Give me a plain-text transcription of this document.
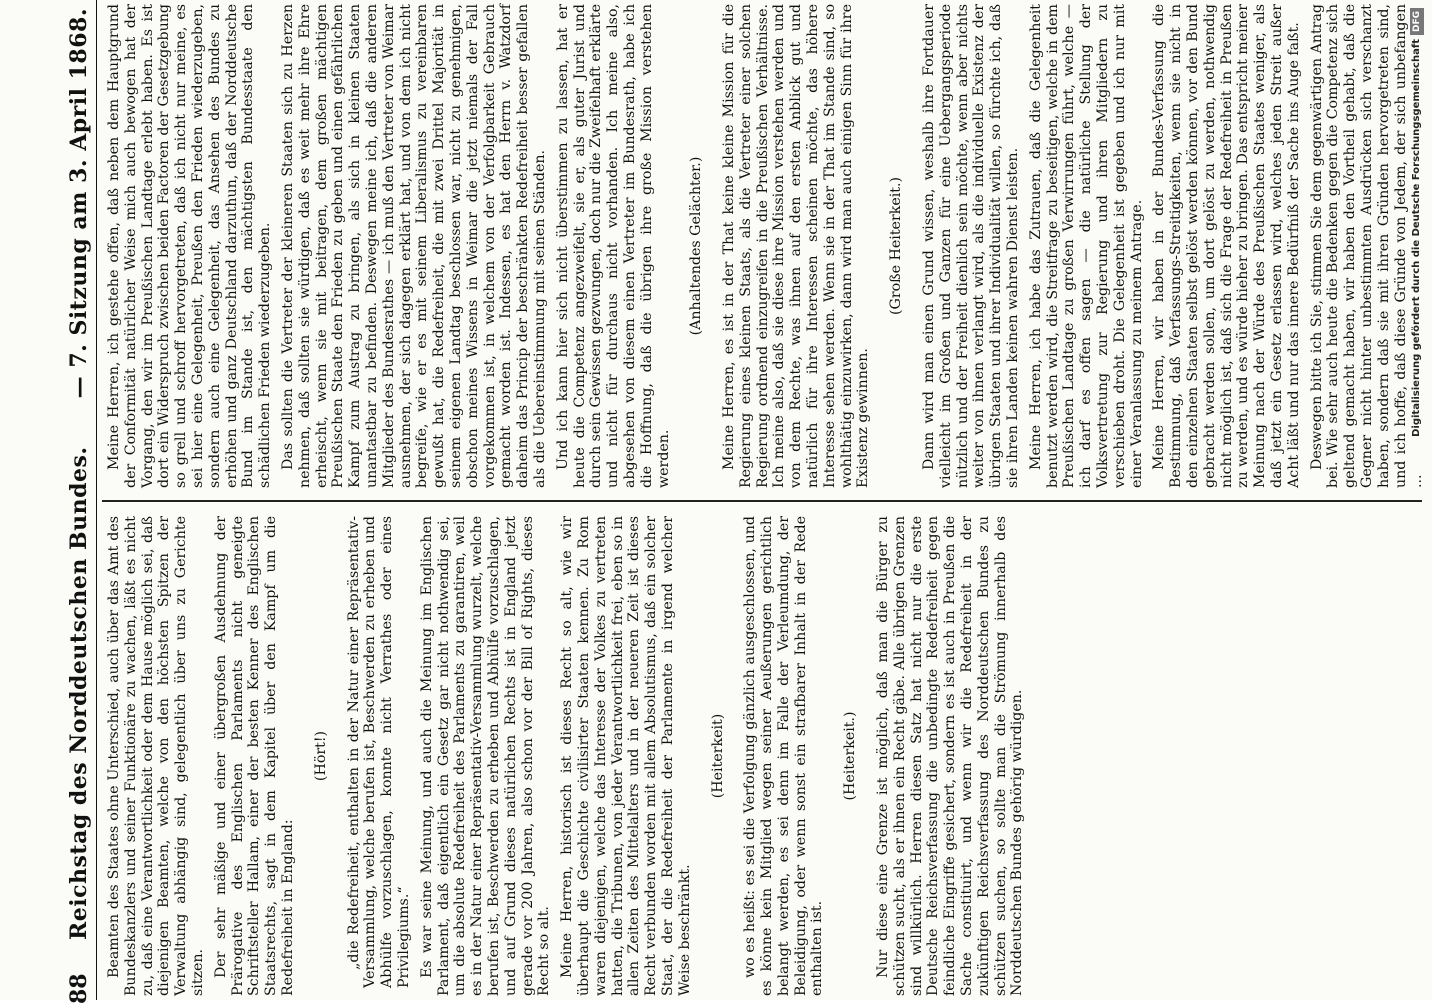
88
Reichstag des Norddeutschen Bundes.
— 7. Sitzung am 3. April 1868.

Beamten des Staates ohne Unterschied, auch über das Amt des Bundeskanzlers und seiner Funktionäre zu wachen, läßt es nicht zu, daß eine Verantwortlichkeit oder dem Hause möglich sei, daß diejenigen Beamten, welche von den höchsten Spitzen der Verwaltung abhängig sind, gelegentlich über uns zu Gerichte sitzen. Der sehr mäßige und einer übergroßen Ausdehnung der Prärogative des Englischen Parlaments nicht geneigte Schriftsteller Hallam, einer der besten Kenner des Englischen Staatsrechts, sagt in dem Kapitel über den Kampf um die Redefreiheit in England:

(Hört!) „die Redefreiheit, enthalten in der Natur einer Repräsentativ-Versammlung, welche berufen ist, Beschwerden zu erheben und Abhülfe vorzuschlagen, konnte nicht Verrathes oder eines Privilegiums.“ Es war seine Meinung, und auch die Meinung im Englischen Parlament, daß eigentlich ein Gesetz gar nicht nothwendig sei, um die absolute Redefreiheit des Parlaments zu garantiren, weil es in der Natur einer Repräsentativ-Versammlung wurzelt, welche berufen ist, Beschwerden zu erheben und Abhülfe vorzuschlagen, und auf Grund dieses natürlichen Rechts ist in England jetzt gerade vor 200 Jahren, also schon vor der Bill of Rights, dieses Recht so alt. Meine Herren, historisch ist dieses Recht so alt, wie wir überhaupt die Geschichte civilisirter Staaten kennen. Zu Rom waren diejenigen, welche das Interesse der Volkes zu vertreten hatten, die Tribunen, von jeder Verantwortlichkeit frei, eben so in allen Zeiten des Mittelalters und in der neueren Zeit ist dieses Recht verbunden worden mit allem Absolutismus, daß ein solcher Staat, der die Redefreiheit der Parlamente in irgend welcher Weise beschränkt.

(Heiterkeit) wo es heißt: es sei die Verfolgung gänzlich ausgeschlossen, und es könne kein Mitglied wegen seiner Aeußerungen gerichtlich belangt werden, es sei denn im Falle der Verleumdung, der Beleidigung, oder wenn sonst ein strafbarer Inhalt in der Rede enthalten ist.

(Heiterkeit.) Nur diese eine Grenze ist möglich, daß man die Bürger zu schützen sucht, als er ihnen ein Recht gäbe. Alle übrigen Grenzen sind willkürlich. Herren diesen Satz hat nicht nur die erste Deutsche Reichsverfassung die unbedingte Redefreiheit gegen feindliche Eingriffe gesichert, sondern es ist auch in Preußen die Sache constituirt, und wenn wir die Redefreiheit in der zukünftigen Reichsverfassung des Norddeutschen Bundes zu schützen suchen, so sollte man die Strömung innerhalb des Norddeutschen Bundes gehörig würdigen.

Meine Herren, ich gestehe offen, daß neben dem Hauptgrund der Conformität natürlicher Weise mich auch bewogen hat der Vorgang, den wir im Preußischen Landtage erlebt haben. Es ist dort ein Widerspruch zwischen beiden Factoren der Gesetzgebung so grell und schroff hervorgetreten, daß ich nicht nur meine, es sei hier eine Gelegenheit, Preußen den Frieden wiederzugeben, sondern auch eine Gelegenheit, das Ansehen des Bundes zu erhöhen und ganz Deutschland darzuthun, daß der Norddeutsche Bund im Stande ist, den mächtigsten Bundesstaate den schädlichen Frieden wiederzugeben. Das sollten die Vertreter der kleineren Staaten sich zu Herzen nehmen, daß sollten sie würdigen, daß es weit mehr ihre Ehre erheischt, wenn sie mit beitragen, dem großen mächtigen Preußischen Staate den Frieden zu geben und einen gefährlichen Kampf zum Austrag zu bringen, als sich in kleinen Staaten unantastbar zu befinden. Deswegen meine ich, daß die anderen Mitglieder des Bundesrathes — ich muß den Vertreter von Weimar ausnehmen, der sich dagegen erklärt hat, und von dem ich nicht begreife, wie er es mit seinem Liberalismus zu vereinbaren gewußt hat, die Redefreiheit, die mit zwei Drittel Majorität in seinem eigenen Landtag beschlossen war, nicht zu genehmigen, obschon meines Wissens in Weimar die jetzt niemals der Fall vorgekommen ist, in welchem von der Verfolgbarkeit Gebrauch gemacht worden ist. Indessen, es hat den Herrn v. Watzdorf daheim das Princip der beschränkten Redefreiheit besser gefallen als die Uebereinstimmung mit seinen Ständen. Und ich kann hier sich nicht überstimmen zu lassen, hat er heute die Competenz angezweifelt, sie er, als guter Jurist und durch sein Gewissen gezwungen, doch nur die Zweifelhaft erklärte und nicht für durchaus nicht vorhanden. Ich meine also, abgesehen von diesem einen Vertreter im Bundesrath, habe ich die Hoffnung, daß die übrigen ihre große Mission verstehen werden.

(Anhaltendes Gelächter.) Meine Herren, es ist in der That keine kleine Mission für die Regierung eines kleinen Staats, als die Vertreter einer solchen Regierung ordnend einzugreifen in die Preußischen Verhältnisse. Ich meine also, daß sie diese ihre Mission verstehen werden und von dem Rechte, was ihnen auf den ersten Anblick gut und natürlich für ihre Interessen scheinen möchte, das höhere Interesse sehen werden. Wenn sie in der That im Stande sind, so wohlthätig einzuwirken, dann wird man auch einigen Sinn für ihre Existenz gewinnen.

(Große Heiterkeit.) Dann wird man einen Grund wissen, weshalb ihre Fortdauer vielleicht im Großen und Ganzen für eine Uebergangsperiode nützlich und der Freiheit dienlich sein möchte, wenn aber nichts weiter von ihnen verlangt wird, als die individuelle Existenz der übrigen Staaten und ihrer Individualität willen, so fürchte ich, daß sie ihren Landen keinen wahren Dienst leisten. Meine Herren, ich habe das Zutrauen, daß die Gelegenheit benutzt werden wird, die Streitfrage zu beseitigen, welche in dem Preußischen Landtage zu großen Verwirrungen führt, welche — ich darf es offen sagen — die natürliche Stellung der Volksvertretung zur Regierung und ihren Mitgliedern zu verschieben droht. Die Gelegenheit ist gegeben und ich nur mit einer Veranlassung zu meinem Antrage. Meine Herren, wir haben in der Bundes-Verfassung die Bestimmung, daß Verfassungs-Streitigkeiten, wenn sie nicht in den einzelnen Staaten selbst gelöst werden können, vor den Bund gebracht werden sollen, um dort gelöst zu werden, nothwendig nicht möglich ist, daß sich die Frage der Redefreiheit in Preußen zu werden, und es würde hieher zu bringen. Das entspricht meiner Meinung nach der Würde des Preußischen Staates weniger, als daß jetzt ein Gesetz erlassen wird, welches jeden Streit außer Acht läßt und nur das innere Bedürfniß der Sache ins Auge faßt. Deswegen bitte ich Sie, stimmen Sie dem gegenwärtigen Antrag bei. Wie sehr auch heute die Bedenken gegen die Competenz sich geltend gemacht haben, wir haben den Vortheil gehabt, daß die Gegner nicht hinter unbestimmten Ausdrücken sich verschanzt haben, sondern daß sie mit ihren Gründen hervorgetreten sind, und ich hoffe, daß diese Gründe von Jedem, der sich unbefangen ...

Digitalisierung gefördert durch die Deutsche ForschungsgemeinschaftDFG
